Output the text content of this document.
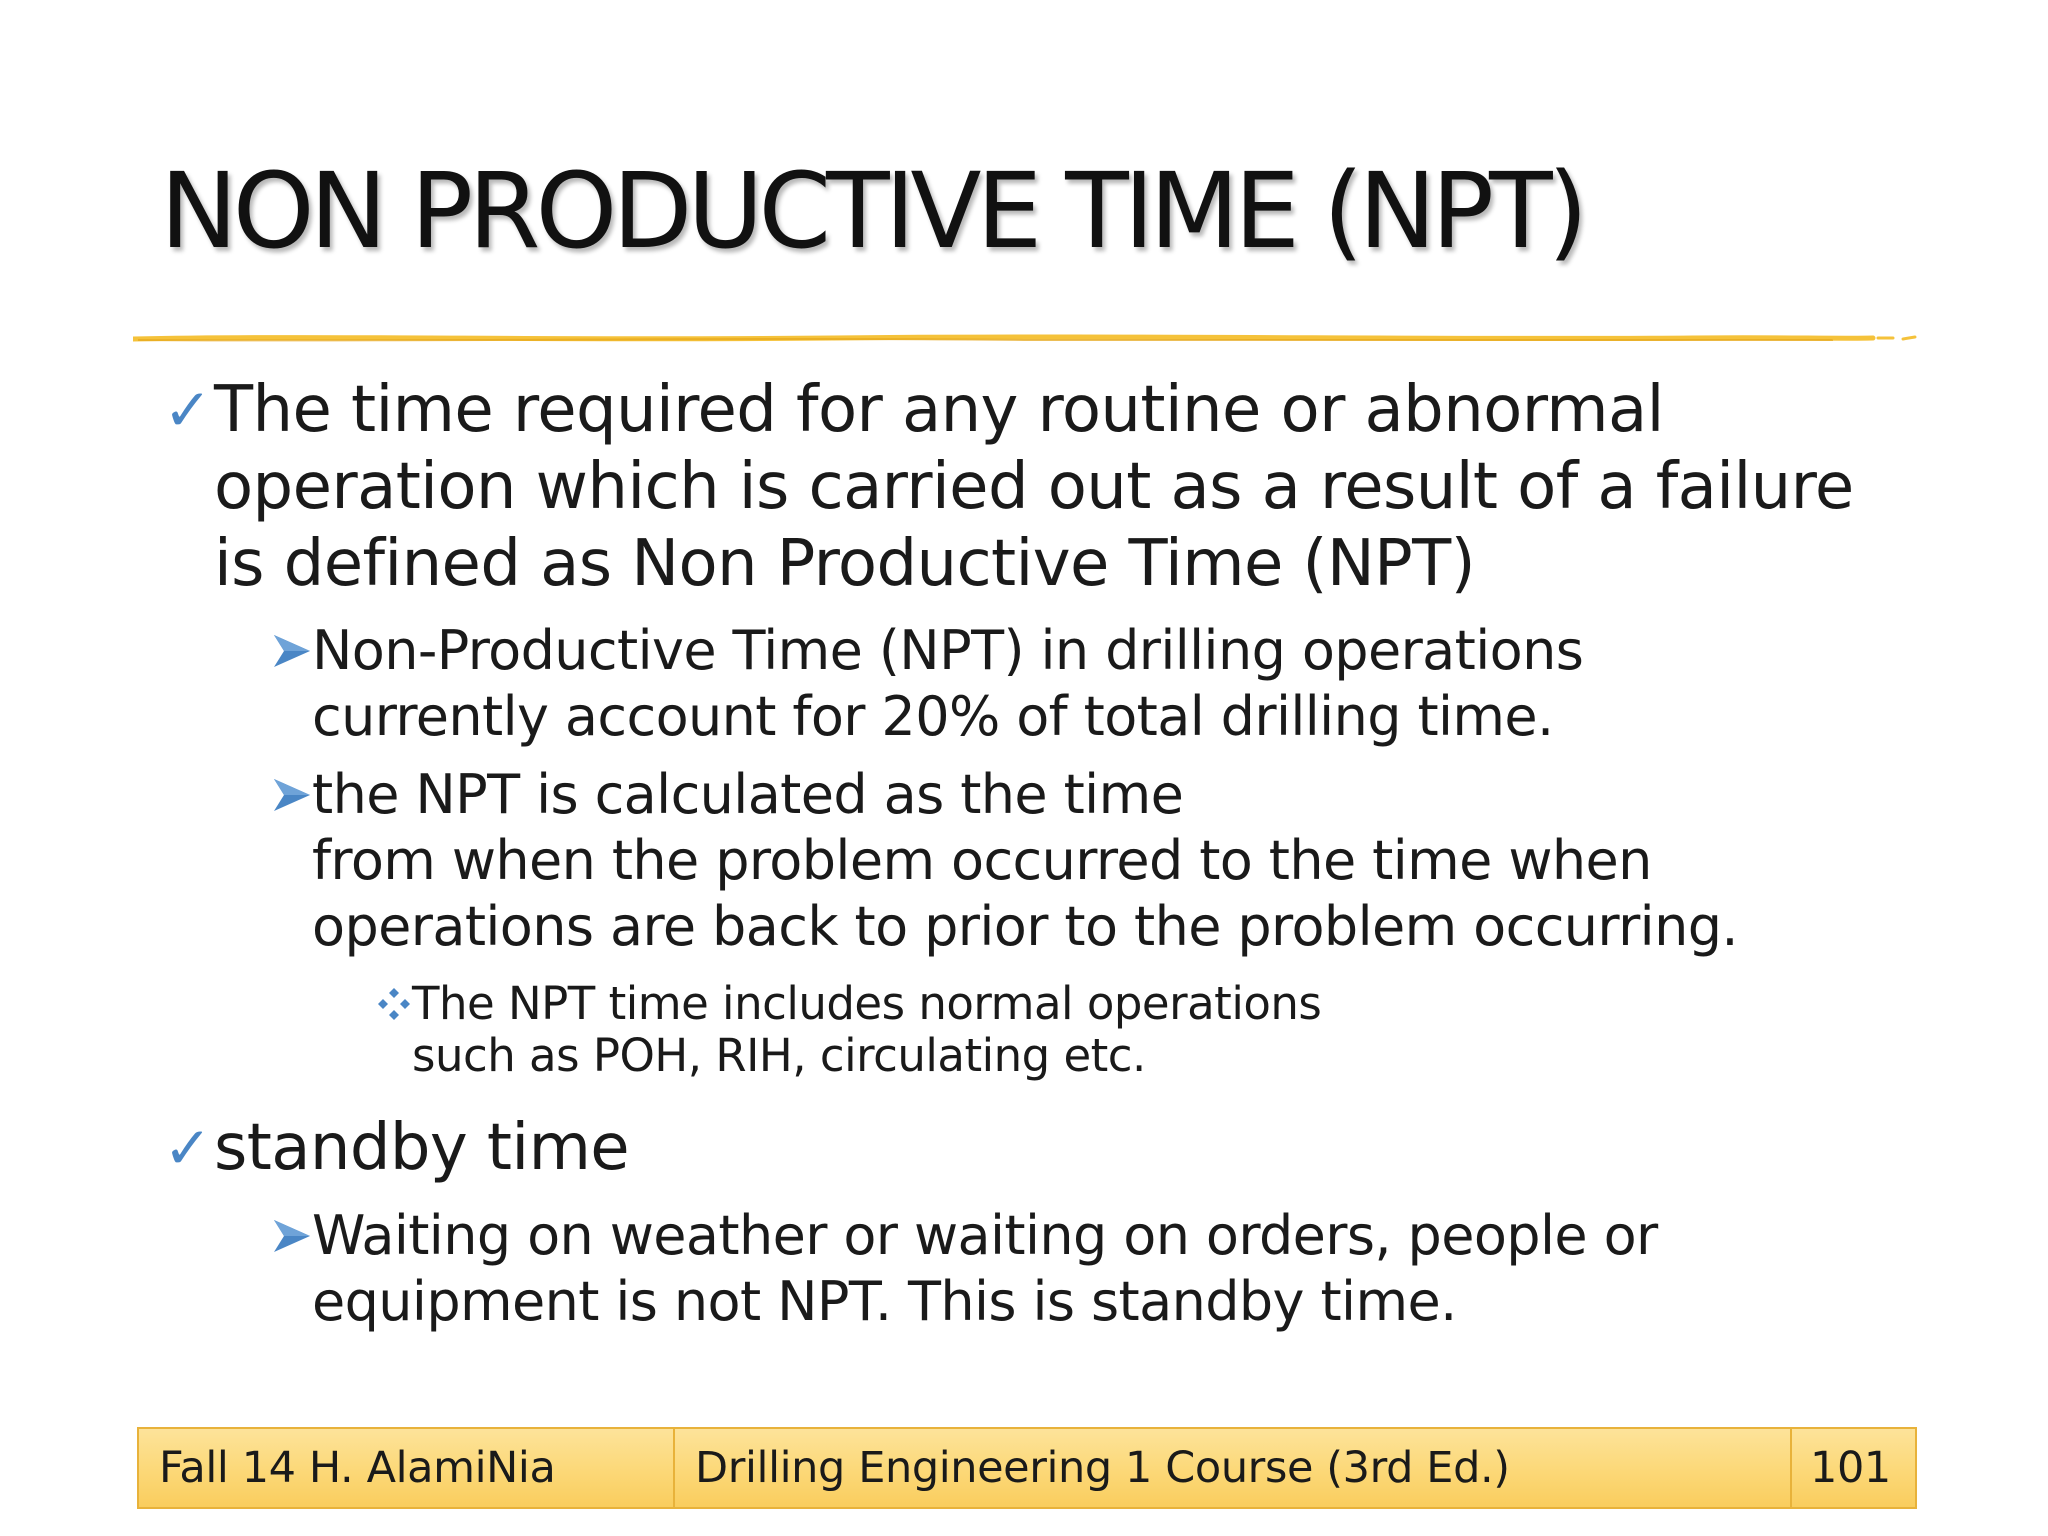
NON PRODUCTIVE TIME (NPT)
✓ The time required for any routine or abnormal
operation which is carried out as a result of a failure
is defined as Non Productive Time (NPT)
Non-Productive Time (NPT) in drilling operations
currently account for 20% of total drilling time.
the NPT is calculated as the time
from when the problem occurred to the time when
operations are back to prior to the problem occurring.
The NPT time includes normal operations
such as POH, RIH, circulating etc.
✓ standby time
Waiting on weather or waiting on orders, people or
equipment is not NPT. This is standby time.
Fall 14 H. AlamiNia	Drilling Engineering 1 Course (3rd Ed.)	101
